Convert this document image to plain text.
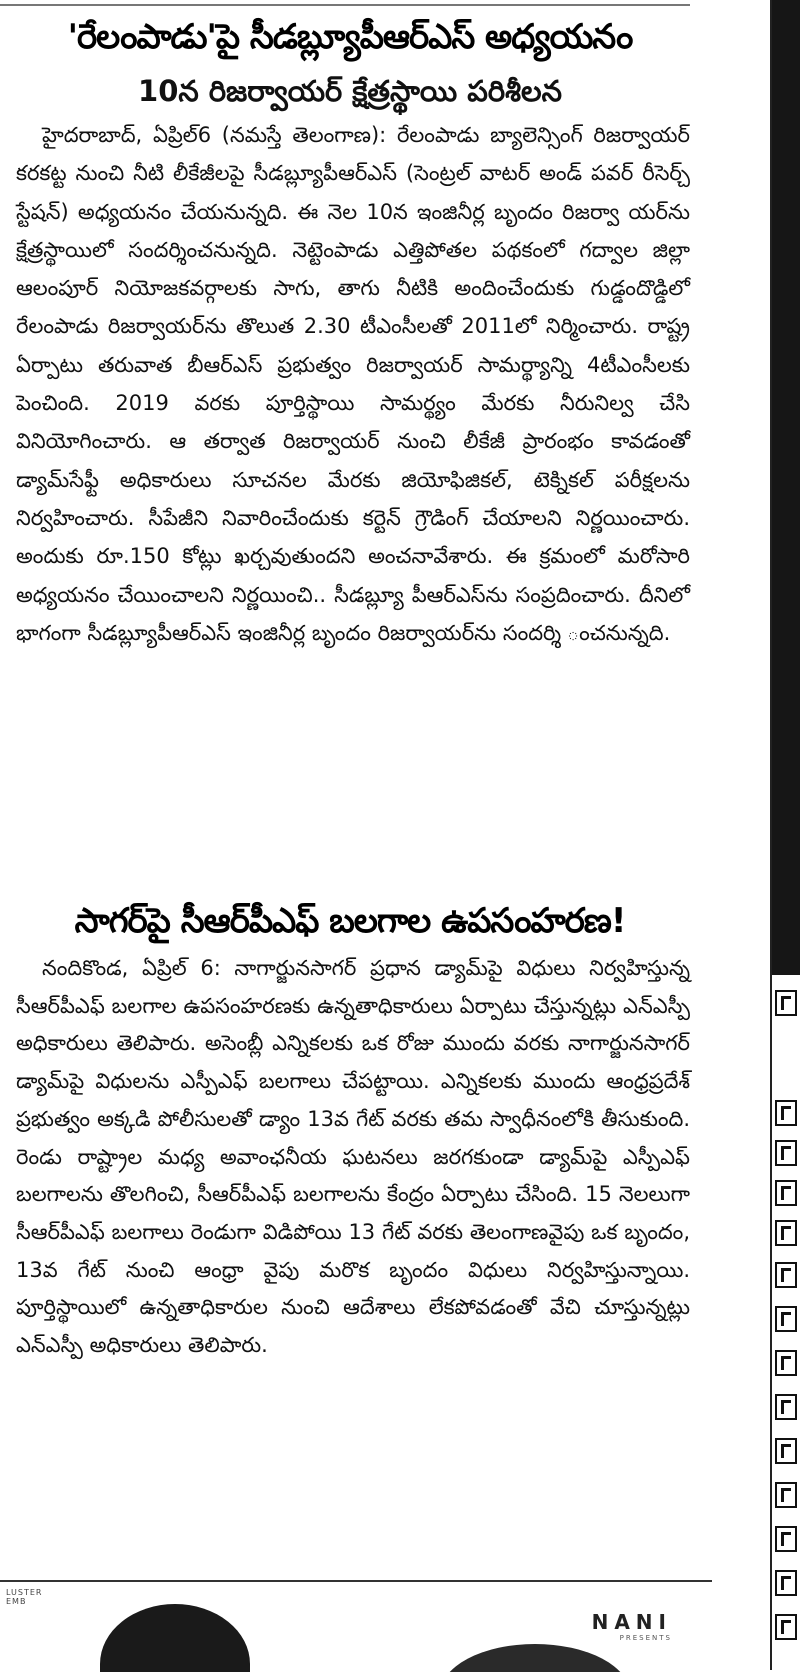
'రేలంపాడు'పై సీడబ్ల్యూపీఆర్ఎస్ అధ్యయనం
10న రిజర్వాయర్ క్షేత్రస్థాయి పరిశీలన

హైదరాబాద్, ఏప్రిల్6 (నమస్తే తెలంగాణ): రేలంపాడు బ్యాలెన్సింగ్ రిజర్వాయర్ కరకట్ట నుంచి నీటి లీకేజీలపై సీడబ్ల్యూపీఆర్ఎస్ (సెంట్రల్ వాటర్ అండ్ పవర్ రీసెర్చ్ స్టేషన్) అధ్యయనం చేయనున్నది. ఈ నెల 10న ఇంజినీర్ల బృందం రిజర్వా యర్‌ను క్షేత్రస్థాయిలో సందర్శించనున్నది. నెట్టెంపాడు ఎత్తిపోతల పథకంలో గద్వాల జిల్లా ఆలంపూర్ నియోజకవర్గాలకు సాగు, తాగు నీటికి అందించేందుకు గుడ్డందొడ్డిలో రేలంపాడు రిజర్వాయర్‌ను తొలుత 2.30 టీఎంసీలతో 2011లో నిర్మించారు. రాష్ట్ర ఏర్పాటు తరువాత బీఆర్ఎస్ ప్రభుత్వం రిజర్వాయర్ సామర్థ్యాన్ని 4టీఎంసీలకు పెంచింది. 2019 వరకు పూర్తిస్థాయి సామర్థ్యం మేరకు నీరునిల్వ చేసి వినియోగించారు. ఆ తర్వాత రిజర్వాయర్ నుంచి లీకేజీ ప్రారంభం కావడంతో డ్యామ్‌సేఫ్టీ అధికారులు సూచనల మేరకు జియోఫిజికల్, టెక్నికల్ పరీక్షలను నిర్వహించారు. సీపేజీని నివారించేందుకు కర్టెన్ గ్రౌడింగ్ చేయాలని నిర్ణయించారు. అందుకు రూ.150 కోట్లు ఖర్చవుతుందని అంచనావేశారు. ఈ క్రమంలో మరోసారి అధ్యయనం చేయించాలని నిర్ణయించి.. సీడబ్ల్యూ పీఆర్ఎస్‌ను సంప్రదించారు. దీనిలో భాగంగా సీడబ్ల్యూపీఆర్ఎస్ ఇంజినీర్ల బృందం రిజర్వాయర్‌ను సందర్శి ంచనున్నది.

సాగర్‌పై సీఆర్‌పీఎఫ్ బలగాల ఉపసంహరణ!

నందికొండ, ఏప్రిల్ 6: నాగార్జునసాగర్ ప్రధాన డ్యామ్‌పై విధులు నిర్వహిస్తున్న సీఆర్‌పీఎఫ్ బలగాల ఉపసంహరణకు ఉన్నతాధికారులు ఏర్పాటు చేస్తున్నట్లు ఎన్ఎస్పీ అధికారులు తెలిపారు. అసెంబ్లీ ఎన్నికలకు ఒక రోజు ముందు వరకు నాగార్జునసాగర్ డ్యామ్‌పై విధులను ఎస్పీఎఫ్ బలగాలు చేపట్టాయి. ఎన్నికలకు ముందు ఆంధ్రప్రదేశ్ ప్రభుత్వం అక్కడి పోలీసులతో డ్యాం 13వ గేట్ వరకు తమ స్వాధీనంలోకి తీసుకుంది. రెండు రాష్ట్రాల మధ్య అవాంఛనీయ ఘటనలు జరగకుండా డ్యామ్‌పై ఎస్పీఎఫ్ బలగాలను తొలగించి, సీఆర్‌పీఎఫ్ బలగాలను కేంద్రం ఏర్పాటు చేసింది. 15 నెలలుగా సీఆర్‌పీఎఫ్ బలగాలు రెండుగా విడిపోయి 13 గేట్ వరకు తెలంగాణవైపు ఒక బృందం, 13వ గేట్ నుంచి ఆంధ్రా వైపు మరొక బృందం విధులు నిర్వహిస్తున్నాయి. పూర్తిస్థాయిలో ఉన్నతాధికారుల నుంచి ఆదేశాలు లేకపోవడంతో వేచి చూస్తున్నట్లు ఎన్ఎస్పీ అధికారులు తెలిపారు.

LUSTER EMB
NANI
PRESENTS
